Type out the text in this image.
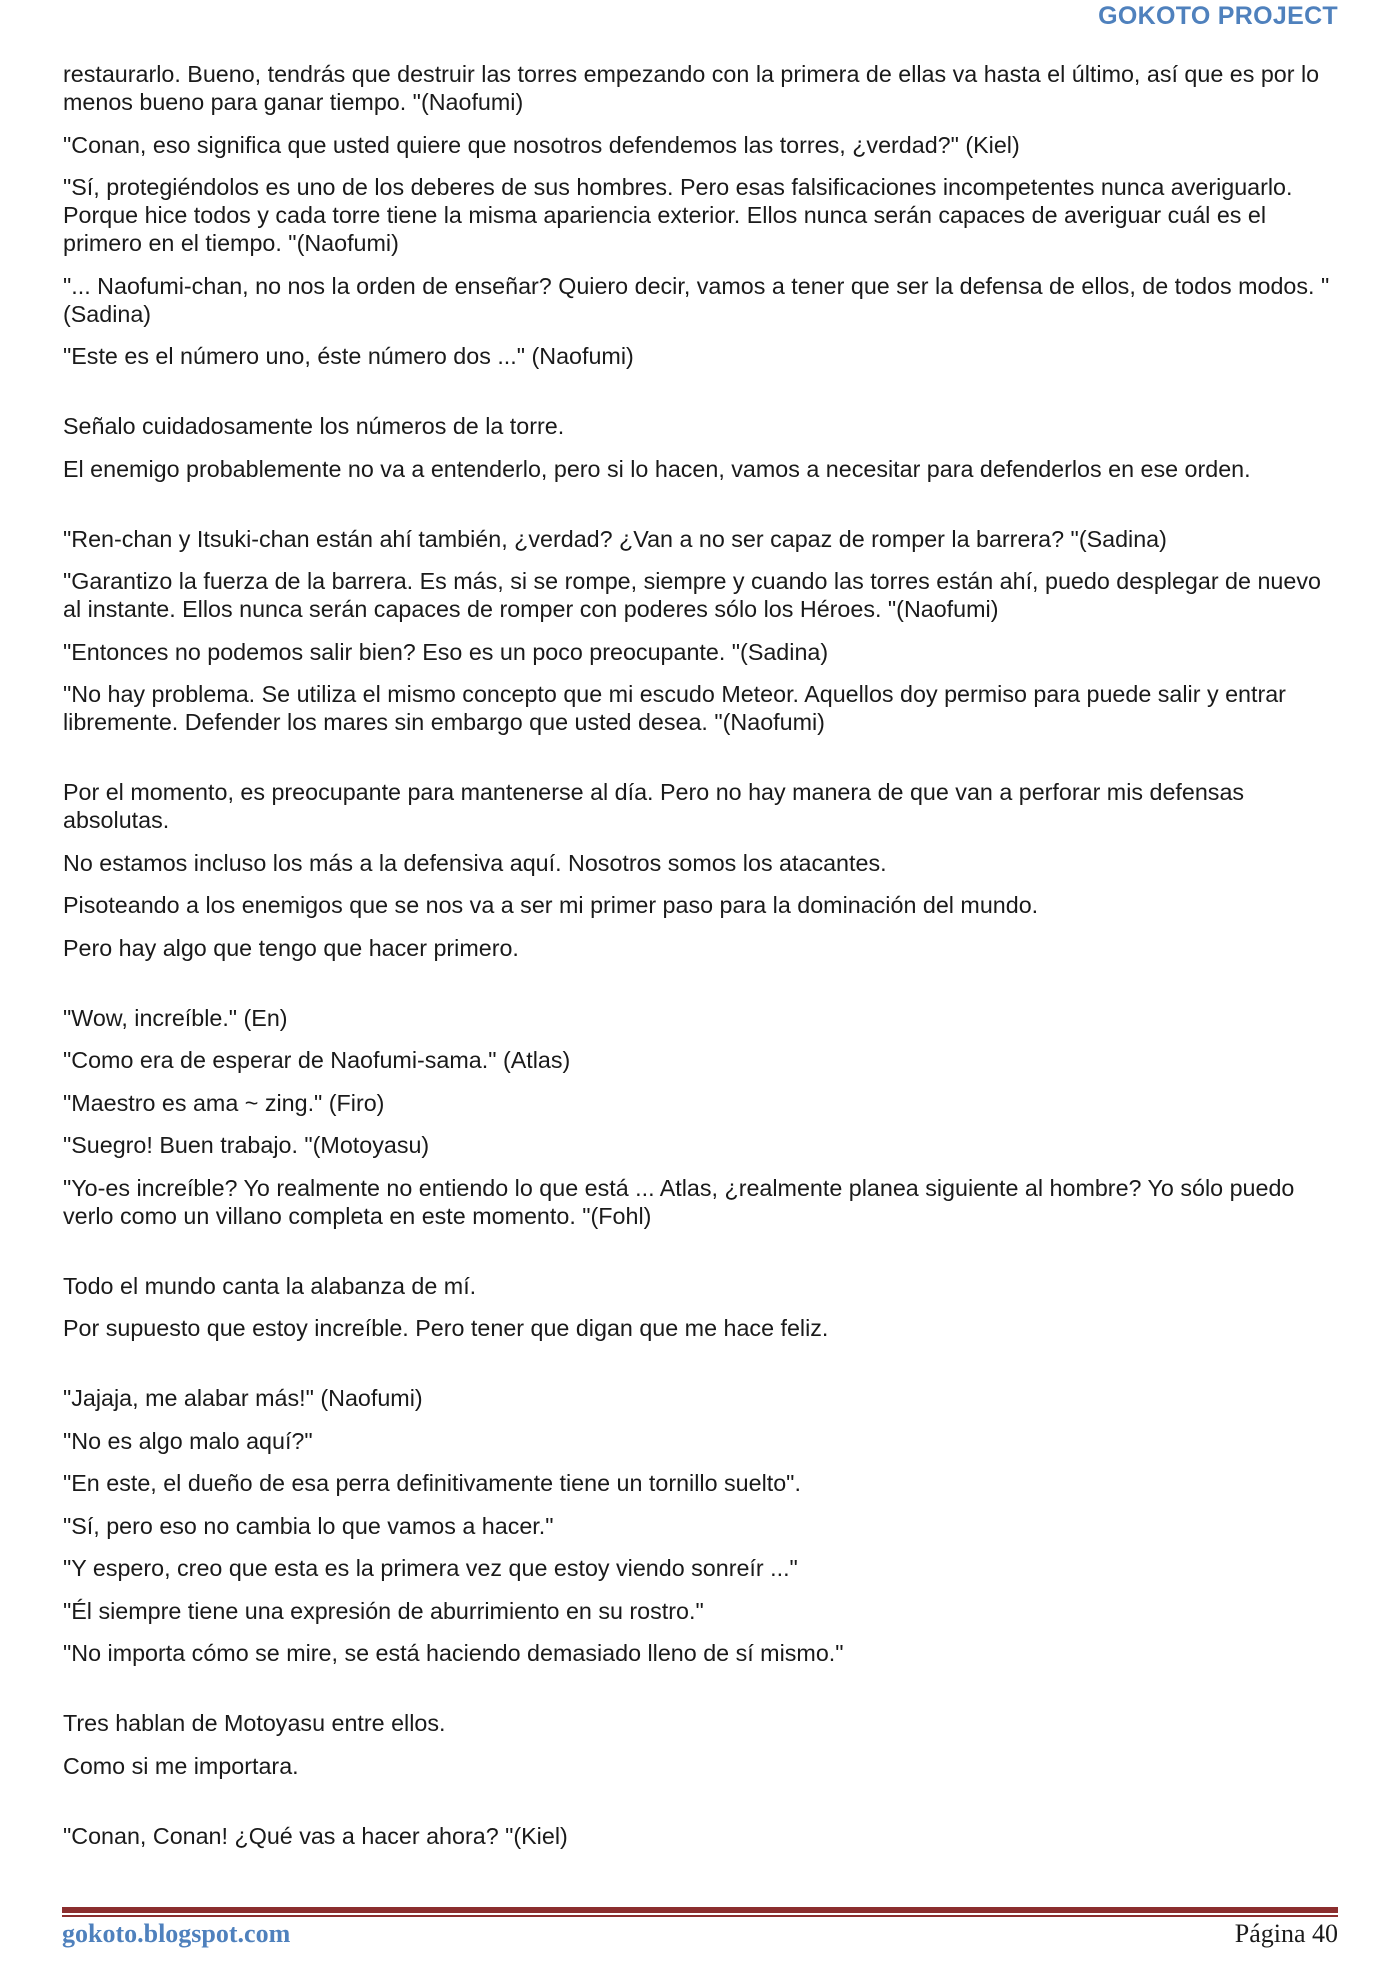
GOKOTO PROJECT

restaurarlo. Bueno, tendrás que destruir las torres empezando con la primera de ellas va hasta el último, así que es por lo menos bueno para ganar tiempo. "(Naofumi)

"Conan, eso significa que usted quiere que nosotros defendemos las torres, ¿verdad?" (Kiel)

"Sí, protegiéndolos es uno de los deberes de sus hombres. Pero esas falsificaciones incompetentes nunca averiguarlo. Porque hice todos y cada torre tiene la misma apariencia exterior. Ellos nunca serán capaces de averiguar cuál es el primero en el tiempo. "(Naofumi)

"... Naofumi-chan, no nos la orden de enseñar? Quiero decir, vamos a tener que ser la defensa de ellos, de todos modos. "(Sadina)

"Este es el número uno, éste número dos ..." (Naofumi)

Señalo cuidadosamente los números de la torre.

El enemigo probablemente no va a entenderlo, pero si lo hacen, vamos a necesitar para defenderlos en ese orden.

"Ren-chan y Itsuki-chan están ahí también, ¿verdad? ¿Van a no ser capaz de romper la barrera? "(Sadina)

"Garantizo la fuerza de la barrera. Es más, si se rompe, siempre y cuando las torres están ahí, puedo desplegar de nuevo al instante. Ellos nunca serán capaces de romper con poderes sólo los Héroes. "(Naofumi)

"Entonces no podemos salir bien? Eso es un poco preocupante. "(Sadina)

"No hay problema. Se utiliza el mismo concepto que mi escudo Meteor. Aquellos doy permiso para puede salir y entrar libremente. Defender los mares sin embargo que usted desea. "(Naofumi)

Por el momento, es preocupante para mantenerse al día. Pero no hay manera de que van a perforar mis defensas absolutas.

No estamos incluso los más a la defensiva aquí. Nosotros somos los atacantes.

Pisoteando a los enemigos que se nos va a ser mi primer paso para la dominación del mundo.

Pero hay algo que tengo que hacer primero.

"Wow, increíble." (En)

"Como era de esperar de Naofumi-sama." (Atlas)

"Maestro es ama ~ zing." (Firo)

"Suegro! Buen trabajo. "(Motoyasu)

"Yo-es increíble? Yo realmente no entiendo lo que está ... Atlas, ¿realmente planea siguiente al hombre? Yo sólo puedo verlo como un villano completa en este momento. "(Fohl)

Todo el mundo canta la alabanza de mí.

Por supuesto que estoy increíble. Pero tener que digan que me hace feliz.

"Jajaja, me alabar más!" (Naofumi)

"No es algo malo aquí?"

"En este, el dueño de esa perra definitivamente tiene un tornillo suelto".

"Sí, pero eso no cambia lo que vamos a hacer."

"Y espero, creo que esta es la primera vez que estoy viendo sonreír ..."

"Él siempre tiene una expresión de aburrimiento en su rostro."

"No importa cómo se mire, se está haciendo demasiado lleno de sí mismo."

Tres hablan de Motoyasu entre ellos.

Como si me importara.

"Conan, Conan! ¿Qué vas a hacer ahora? "(Kiel)

gokoto.blogspot.com	Página 40
